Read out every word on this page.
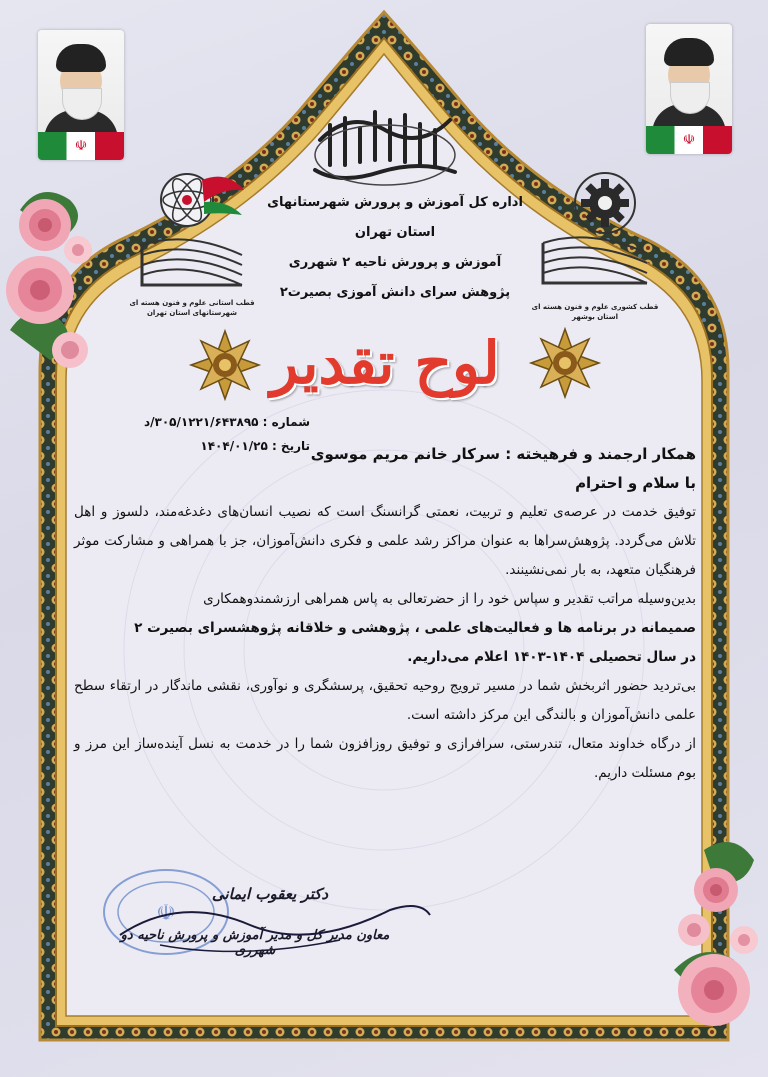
☫	☫
قطب استانی علوم و فنون هسته ای
شهرستانهای استان تهران
قطب کشوری علوم و فنون هسته ای
استان بوشهر
اداره کل آموزش و پرورش شهرستانهای استان تهران
آموزش و پرورش ناحیه ۲ شهرری
پژوهش سرای دانش آموزی بصیرت۲
لوح تقدیر
شماره : ۳۰۵/۱۲۲۱/۶۴۳۸۹۵/د
تاریخ : ۱۴۰۴/۰۱/۲۵ همکار ارجمند و فرهیخته : سرکار خانم مریم موسوی

با سلام و احترام

توفیق خدمت در عرصه‌ی تعلیم و تربیت، نعمتی گرانسنگ است که نصیب انسان‌های دغدغه‌مند، دلسوز و اهل تلاش می‌گردد. پژوهش‌سراها به عنوان مراکز رشد علمی و فکری دانش‌آموزان، جز با همراهی و مشارکت موثر فرهنگیان متعهد، به بار نمی‌نشینند.

بدین‌وسیله مراتب تقدیر و سپاس خود را از حضرتعالی به پاس همراهی ارزشمندوهمکاری

صمیمانه در برنامه ها و فعالیت‌های علمی ، پژوهشی و خلاقانه پژوهشسرای بصیرت ۲

در سال تحصیلی ۱۴۰۴-۱۴۰۳ اعلام می‌داریم.

بی‌تردید حضور اثربخش شما در مسیر ترویج روحیه تحقیق، پرسشگری و نوآوری، نقشی ماندگار در ارتقاء سطح علمی دانش‌آموزان و بالندگی این مرکز داشته است.

از درگاه خداوند متعال، تندرستی، سرافرازی و توفیق روزافزون شما را در خدمت به نسل آینده‌ساز این مرز و بوم مسئلت داریم.

☫
دکتر یعقوب ایمانی
معاون مدیر کل و مدیر آموزش و پرورش ناحیه دو شهرری
